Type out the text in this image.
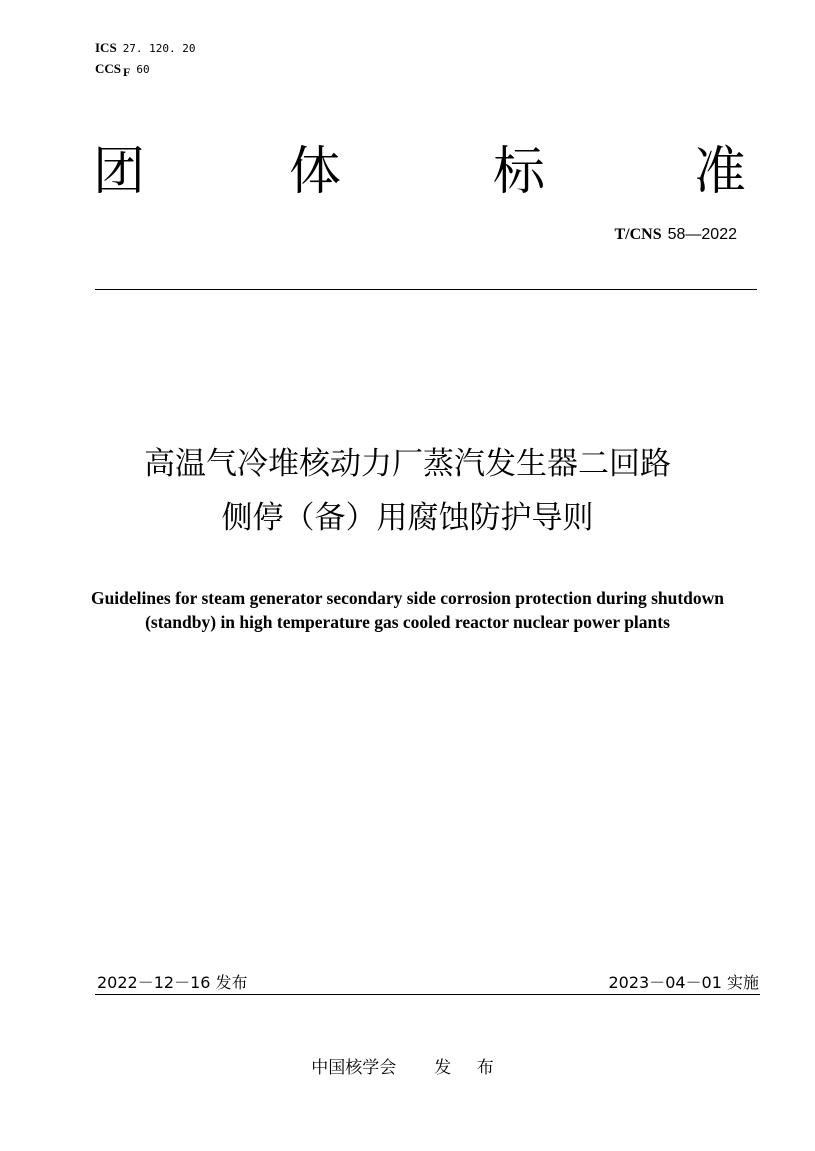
ICS 27. 120. 20
CCS F 60
团	体	标	准
T/CNS 58—2022
高温气冷堆核动力厂蒸汽发生器二回路
侧停（备）用腐蚀防护导则
Guidelines for steam generator secondary side corrosion protection during shutdown (standby) in high temperature gas cooled reactor nuclear power plants
2022－12－16 发布	2023－04－01 实施
中国核学会 发 布
